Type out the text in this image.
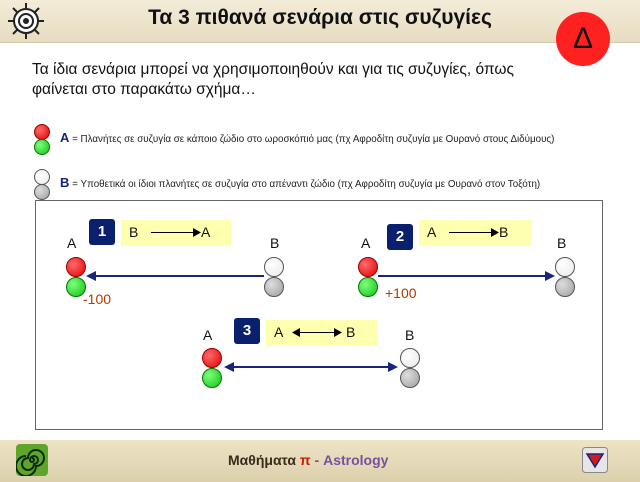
Τα 3 πιθανά σενάρια στις συζυγίες
Δ
Τα ίδια σενάρια μπορεί να χρησιμοποιηθούν και για τις συζυγίες, όπως φαίνεται στο παρακάτω σχήμα…
A = Πλανήτες σε συζυγία σε κάποιο ζώδιο στο ωροσκόπιό μας (πχ Αφροδίτη συζυγία με Ουρανό στους Διδύμους)
B = Υποθετικά οι ίδιοι πλανήτες σε συζυγία στο απέναντι ζώδιο (πχ Αφροδίτη συζυγία με Ουρανό στον Τοξότη)
1	B	A
A	B
-100
2	A	B
A	B
+100
3	A	B
A	B
Μαθήματα π - Astrology
